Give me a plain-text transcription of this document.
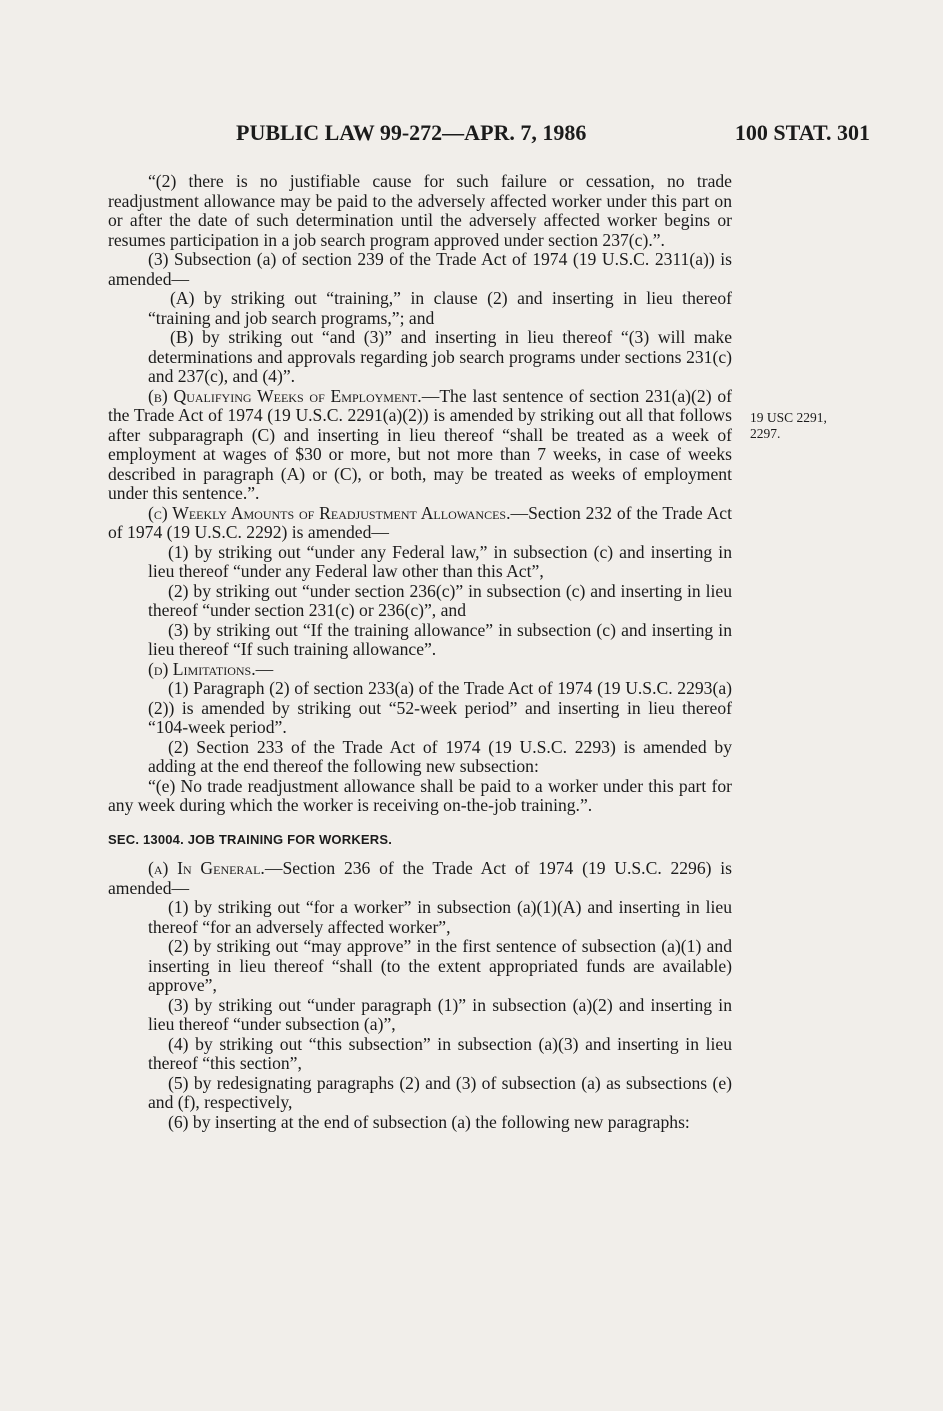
PUBLIC LAW 99-272—APR. 7, 1986	100 STAT. 301
19 USC 2291, 2297.

“(2) there is no justifiable cause for such failure or cessation, no trade readjustment allowance may be paid to the adversely affected worker under this part on or after the date of such determination until the adversely affected worker begins or resumes participation in a job search program approved under section 237(c).”.

(3) Subsection (a) of section 239 of the Trade Act of 1974 (19 U.S.C. 2311(a)) is amended—

(A) by striking out “training,” in clause (2) and inserting in lieu thereof “training and job search programs,”; and

(B) by striking out “and (3)” and inserting in lieu thereof “(3) will make determinations and approvals regarding job search programs under sections 231(c) and 237(c), and (4)”.

(b) Qualifying Weeks of Employment.—The last sentence of section 231(a)(2) of the Trade Act of 1974 (19 U.S.C. 2291(a)(2)) is amended by striking out all that follows after subparagraph (C) and inserting in lieu thereof “shall be treated as a week of employment at wages of $30 or more, but not more than 7 weeks, in case of weeks described in paragraph (A) or (C), or both, may be treated as weeks of employment under this sentence.”.

(c) Weekly Amounts of Readjustment Allowances.—Section 232 of the Trade Act of 1974 (19 U.S.C. 2292) is amended—

(1) by striking out “under any Federal law,” in subsection (c) and inserting in lieu thereof “under any Federal law other than this Act”,

(2) by striking out “under section 236(c)” in subsection (c) and inserting in lieu thereof “under section 231(c) or 236(c)”, and

(3) by striking out “If the training allowance” in subsection (c) and inserting in lieu thereof “If such training allowance”.

(d) Limitations.—

(1) Paragraph (2) of section 233(a) of the Trade Act of 1974 (19 U.S.C. 2293(a)(2)) is amended by striking out “52-week period” and inserting in lieu thereof “104-week period”.

(2) Section 233 of the Trade Act of 1974 (19 U.S.C. 2293) is amended by adding at the end thereof the following new subsection:

“(e) No trade readjustment allowance shall be paid to a worker under this part for any week during which the worker is receiving on-the-job training.”.

SEC. 13004. JOB TRAINING FOR WORKERS.

(a) In General.—Section 236 of the Trade Act of 1974 (19 U.S.C. 2296) is amended—

(1) by striking out “for a worker” in subsection (a)(1)(A) and inserting in lieu thereof “for an adversely affected worker”,

(2) by striking out “may approve” in the first sentence of subsection (a)(1) and inserting in lieu thereof “shall (to the extent appropriated funds are available) approve”,

(3) by striking out “under paragraph (1)” in subsection (a)(2) and inserting in lieu thereof “under subsection (a)”,

(4) by striking out “this subsection” in subsection (a)(3) and inserting in lieu thereof “this section”,

(5) by redesignating paragraphs (2) and (3) of subsection (a) as subsections (e) and (f), respectively,

(6) by inserting at the end of subsection (a) the following new paragraphs:
